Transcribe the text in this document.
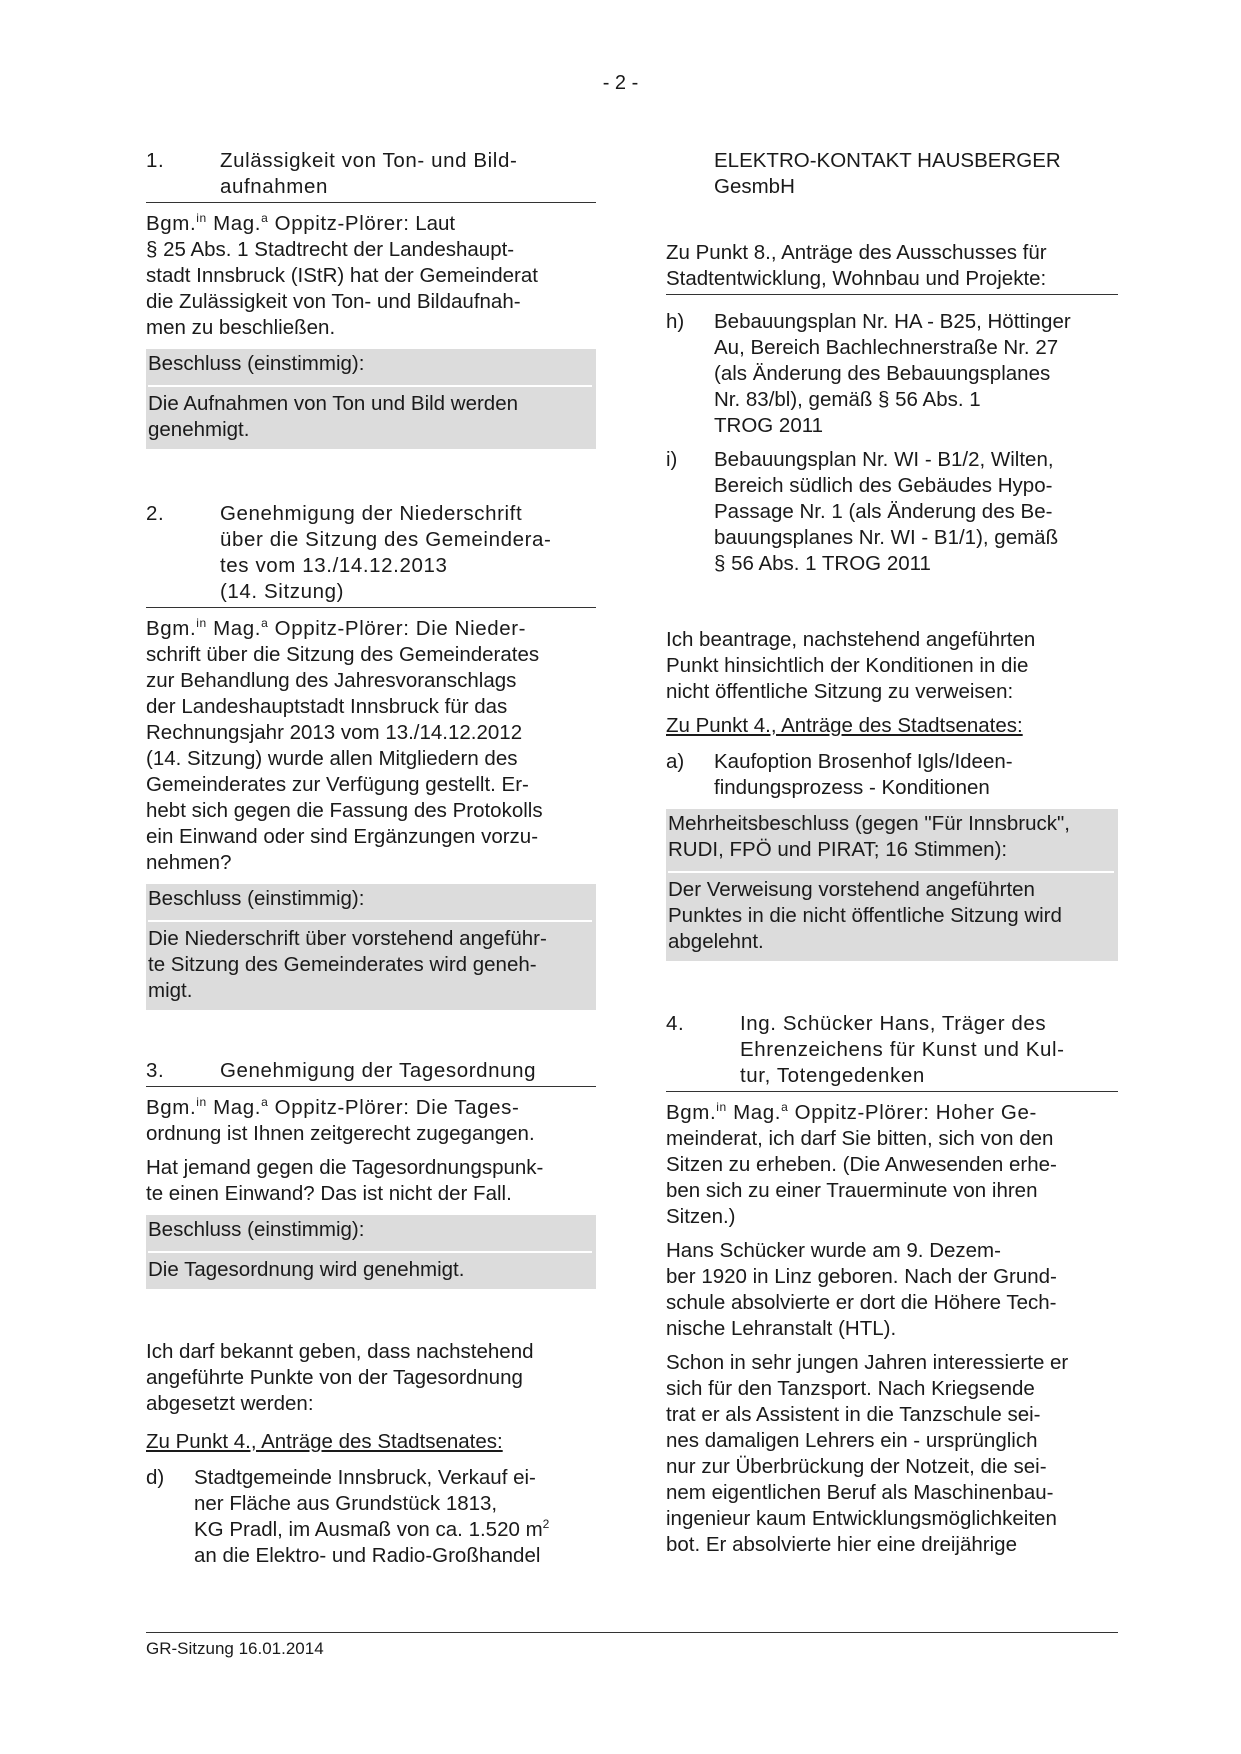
- 2 -
1.	Zulässigkeit von Ton- und Bild-
aufnahmen
Bgm.$^{in}$ Mag.$^a$ Oppitz-Plörer: Laut
§ 25 Abs. 1 Stadtrecht der Landeshaupt-
stadt Innsbruck (IStR) hat der Gemeinderat
die Zulässigkeit von Ton- und Bildaufnah-
men zu beschließen.
Beschluss (einstimmig):
Die Aufnahmen von Ton und Bild werden
genehmigt.
2.	Genehmigung der Niederschrift
über die Sitzung des Gemeindera-
tes vom 13./14.12.2013
(14. Sitzung)
Bgm.$^{in}$ Mag.$^a$ Oppitz-Plörer: Die Nieder-
schrift über die Sitzung des Gemeinderates
zur Behandlung des Jahresvoranschlags
der Landeshauptstadt Innsbruck für das
Rechnungsjahr 2013 vom 13./14.12.2012
(14. Sitzung) wurde allen Mitgliedern des
Gemeinderates zur Verfügung gestellt. Er-
hebt sich gegen die Fassung des Protokolls
ein Einwand oder sind Ergänzungen vorzu-
nehmen?
Beschluss (einstimmig):
Die Niederschrift über vorstehend angeführ-
te Sitzung des Gemeinderates wird geneh-
migt.
3.	Genehmigung der Tagesordnung
Bgm.$^{in}$ Mag.$^a$ Oppitz-Plörer: Die Tages-
ordnung ist Ihnen zeitgerecht zugegangen.
Hat jemand gegen die Tagesordnungspunk-
te einen Einwand? Das ist nicht der Fall.
Beschluss (einstimmig):
Die Tagesordnung wird genehmigt.
Ich darf bekannt geben, dass nachstehend
angeführte Punkte von der Tagesordnung
abgesetzt werden:
Zu Punkt 4., Anträge des Stadtsenates:
d)	Stadtgemeinde Innsbruck, Verkauf ei-
ner Fläche aus Grundstück 1813,
KG Pradl, im Ausmaß von ca. 1.520 $m^2$
an die Elektro- und Radio-Großhandel
ELEKTRO-KONTAKT HAUSBERGER
GesmbH
Zu Punkt 8., Anträge des Ausschusses für
Stadtentwicklung, Wohnbau und Projekte:
h)	Bebauungsplan Nr. HA - B25, Höttinger
Au, Bereich Bachlechnerstraße Nr. 27
(als Änderung des Bebauungsplanes
Nr. 83/bl), gemäß § 56 Abs. 1
TROG 2011
i)	Bebauungsplan Nr. WI - B1/2, Wilten,
Bereich südlich des Gebäudes Hypo-
Passage Nr. 1 (als Änderung des Be-
bauungsplanes Nr. WI - B1/1), gemäß
§ 56 Abs. 1 TROG 2011
Ich beantrage, nachstehend angeführten
Punkt hinsichtlich der Konditionen in die
nicht öffentliche Sitzung zu verweisen:
Zu Punkt 4., Anträge des Stadtsenates:
a)	Kaufoption Brosenhof Igls/Ideen-
findungsprozess - Konditionen
Mehrheitsbeschluss (gegen "Für Innsbruck",
RUDI, FPÖ und PIRAT; 16 Stimmen):
Der Verweisung vorstehend angeführten
Punktes in die nicht öffentliche Sitzung wird
abgelehnt.
4.	Ing. Schücker Hans, Träger des
Ehrenzeichens für Kunst und Kul-
tur, Totengedenken
Bgm.$^{in}$ Mag.$^a$ Oppitz-Plörer: Hoher Ge-
meinderat, ich darf Sie bitten, sich von den
Sitzen zu erheben. (Die Anwesenden erhe-
ben sich zu einer Trauerminute von ihren
Sitzen.)
Hans Schücker wurde am 9. Dezem-
ber 1920 in Linz geboren. Nach der Grund-
schule absolvierte er dort die Höhere Tech-
nische Lehranstalt (HTL).
Schon in sehr jungen Jahren interessierte er
sich für den Tanzsport. Nach Kriegsende
trat er als Assistent in die Tanzschule sei-
nes damaligen Lehrers ein - ursprünglich
nur zur Überbrückung der Notzeit, die sei-
nem eigentlichen Beruf als Maschinenbau-
ingenieur kaum Entwicklungsmöglichkeiten
bot. Er absolvierte hier eine dreijährige
GR-Sitzung 16.01.2014
